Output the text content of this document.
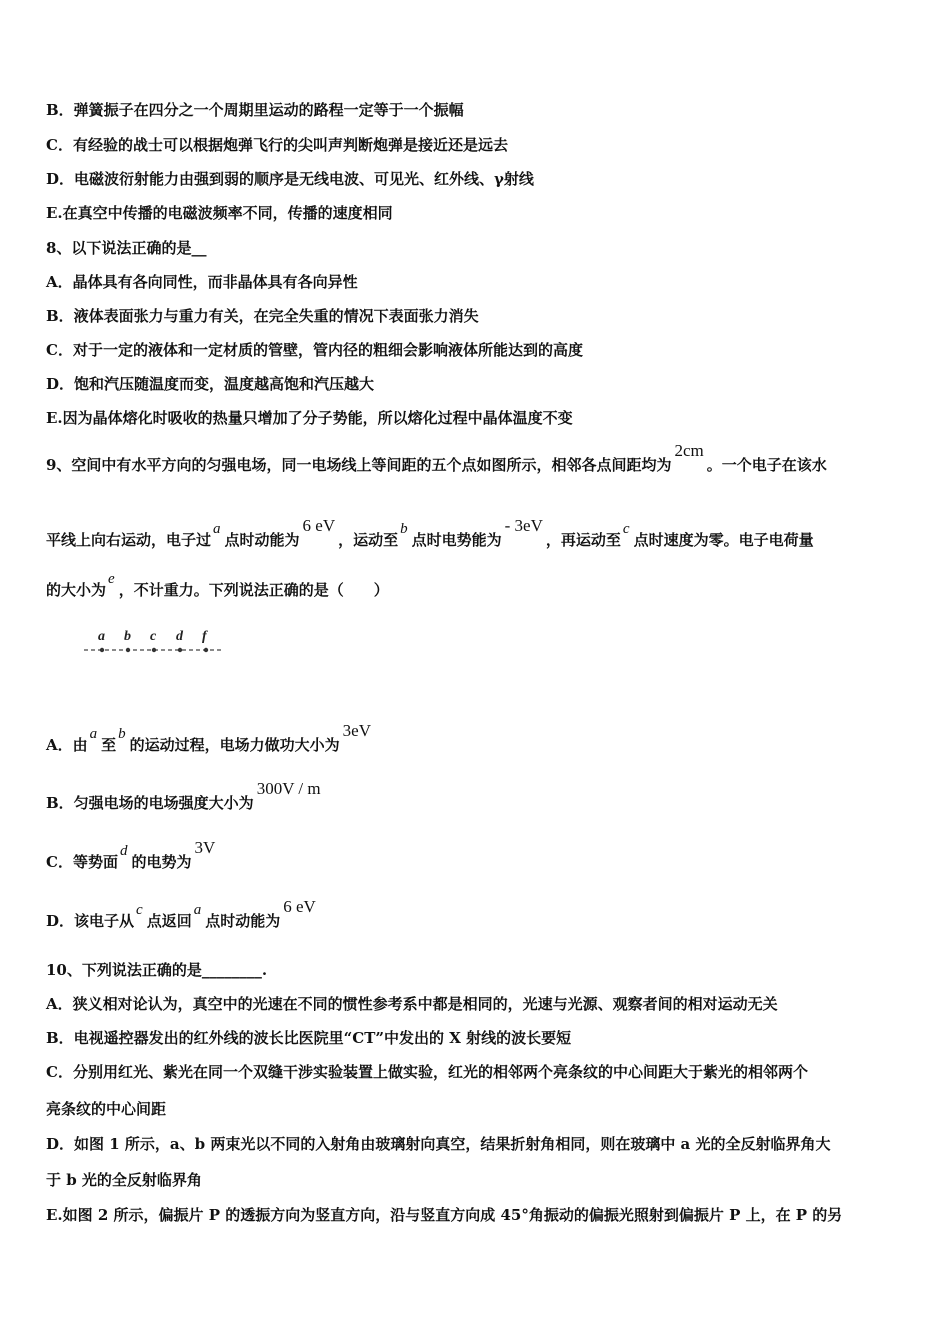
B．弹簧振子在四分之一个周期里运动的路程一定等于一个振幅
C．有经验的战士可以根据炮弹飞行的尖叫声判断炮弹是接近还是远去
D．电磁波衍射能力由强到弱的顺序是无线电波、可见光、红外线、γ射线
E.在真空中传播的电磁波频率不同，传播的速度相同
8、以下说法正确的是__
A．晶体具有各向同性，而非晶体具有各向异性
B．液体表面张力与重力有关，在完全失重的情况下表面张力消失
C．对于一定的液体和一定材质的管壁，管内径的粗细会影响液体所能达到的高度
D．饱和汽压随温度而变，温度越高饱和汽压越大
E.因为晶体熔化时吸收的热量只增加了分子势能，所以熔化过程中晶体温度不变
9、空间中有水平方向的匀强电场，同一电场线上等间距的五个点如图所示，相邻各点间距均为2cm。一个电子在该水
平线上向右运动，电子过a点时动能为6 eV，运动至b点时电势能为- 3eV，再运动至c点时速度为零。电子电荷量
的大小为e，不计重力。下列说法正确的是（　　）
a b c d f
A．由a至b的运动过程，电场力做功大小为3eV
B．匀强电场的电场强度大小为300V / m
C．等势面d的电势为3V
D．该电子从c点返回a点时动能为6 eV
10、下列说法正确的是________.
A．狭义相对论认为，真空中的光速在不同的惯性参考系中都是相同的，光速与光源、观察者间的相对运动无关
B．电视遥控器发出的红外线的波长比医院里“CT”中发出的 X 射线的波长要短
C．分别用红光、紫光在同一个双缝干涉实验装置上做实验，红光的相邻两个亮条纹的中心间距大于紫光的相邻两个
亮条纹的中心间距
D．如图 1 所示，a、b 两束光以不同的入射角由玻璃射向真空，结果折射角相同，则在玻璃中 a 光的全反射临界角大
于 b 光的全反射临界角
E.如图 2 所示，偏振片 P 的透振方向为竖直方向，沿与竖直方向成 45°角振动的偏振光照射到偏振片 P 上，在 P 的另
